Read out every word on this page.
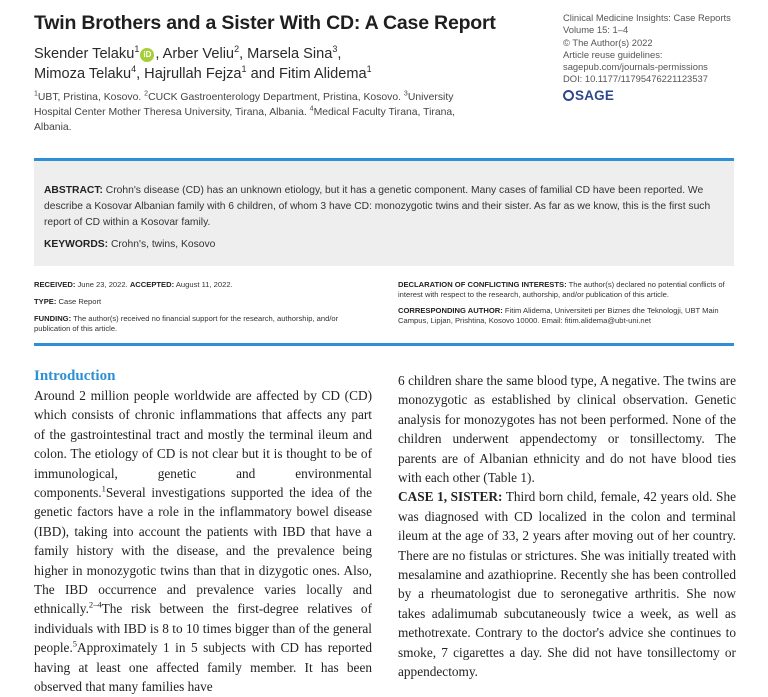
Twin Brothers and a Sister With CD: A Case Report
Skender Telaku$^1$iD , Arber Veliu$^2$, Marsela Sina$^3$,
Mimoza Telaku$^4$, Hajrullah Fejza$^1$ and Fitim Alidema$^1$
$^1$UBT, Pristina, Kosovo. $^2$CUCK Gastroenterology Department, Pristina, Kosovo. $^3$University Hospital Center Mother Theresa University, Tirana, Albania. $^4$Medical Faculty Tirana, Tirana, Albania.
Clinical Medicine Insights: Case Reports
Volume 15: 1–4
© The Author(s) 2022
Article reuse guidelines:
sagepub.com/journals-permissions
DOI: 10.1177/11795476221123537
SAGE
ABSTRACT: Crohn's disease (CD) has an unknown etiology, but it has a genetic component. Many cases of familial CD have been reported. We describe a Kosovar Albanian family with 6 children, of whom 3 have CD: monozygotic twins and their sister. As far as we know, this is the first such report of CD within a Kosovar family.
KEYWORDS: Crohn's, twins, Kosovo
RECEIVED: June 23, 2022. ACCEPTED: August 11, 2022.
TYPE: Case Report
FUNDING: The author(s) received no financial support for the research, authorship, and/or publication of this article.
DECLARATION OF CONFLICTING INTERESTS: The author(s) declared no potential conflicts of interest with respect to the research, authorship, and/or publication of this article.
CORRESPONDING AUTHOR: Fitim Alidema, Universiteti per Biznes dhe Teknologji, UBT Main Campus, Lipjan, Prishtina, Kosovo 10000. Email: fitim.alidema@ubt-uni.net
Introduction
Around 2 million people worldwide are affected by CD (CD) which consists of chronic inflammations that affects any part of the gastrointestinal tract and mostly the terminal ileum and colon. The etiology of CD is not clear but it is thought to be of immunological, genetic and environmental components.$^1$Several investigations supported the idea of the genetic factors have a role in the inflammatory bowel disease (IBD), taking into account the patients with IBD that have a family history with the disease, and the prevalence being higher in monozygotic twins than that in dizygotic ones. Also, The IBD occurrence and prevalence varies locally and ethnically.$^{2-4}$The risk between the first-degree relatives of individuals with IBD is 8 to 10 times bigger than of the general people.$^5$Approximately 1 in 5 subjects with CD has reported having at least one affected family member. It has been observed that many families have
6 children share the same blood type, A negative. The twins are monozygotic as established by clinical observation. Genetic analysis for monozygotes has not been performed. None of the children underwent appendectomy or tonsillectomy. The parents are of Albanian ethnicity and do not have blood ties with each other (Table 1).
CASE 1, SISTER: Third born child, female, 42 years old. She was diagnosed with CD localized in the colon and terminal ileum at the age of 33, 2 years after moving out of her country. There are no fistulas or strictures. She was initially treated with mesalamine and azathioprine. Recently she has been controlled by a rheumatologist due to seronegative arthritis. She now takes adalimumab subcutaneously twice a week, as well as methotrexate. Contrary to the doctor's advice she continues to smoke, 7 cigarettes a day. She did not have tonsillectomy or appendectomy.
